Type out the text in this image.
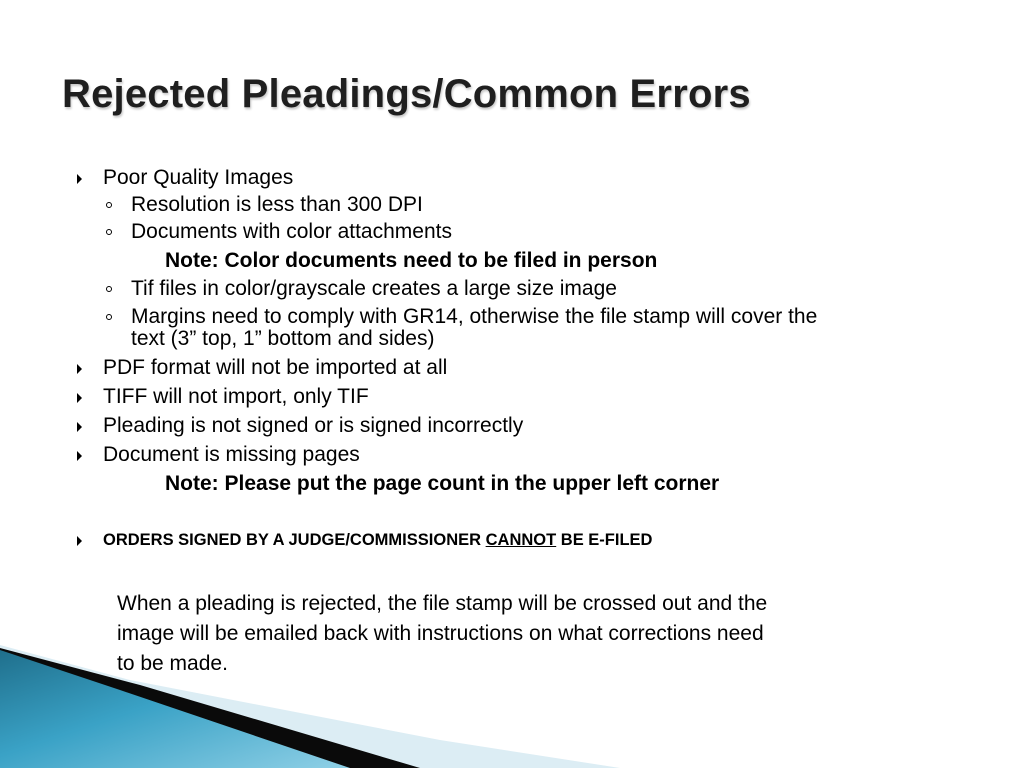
Rejected Pleadings/Common Errors
Poor Quality Images
Resolution is less than 300 DPI
Documents with color attachments
Note: Color documents need to be filed in person
Tif files in color/grayscale creates a large size image
Margins need to comply with GR14, otherwise the file stamp will cover the
text (3” top, 1” bottom and sides)
PDF format will not be imported at all
TIFF will not import, only TIF
Pleading is not signed or is signed incorrectly
Document is missing pages
Note: Please put the page count in the upper left corner
ORDERS SIGNED BY A JUDGE/COMMISSIONER CANNOT BE E-FILED

When a pleading is rejected, the file stamp will be crossed out and the
image will be emailed back with instructions on what corrections need
to be made.
